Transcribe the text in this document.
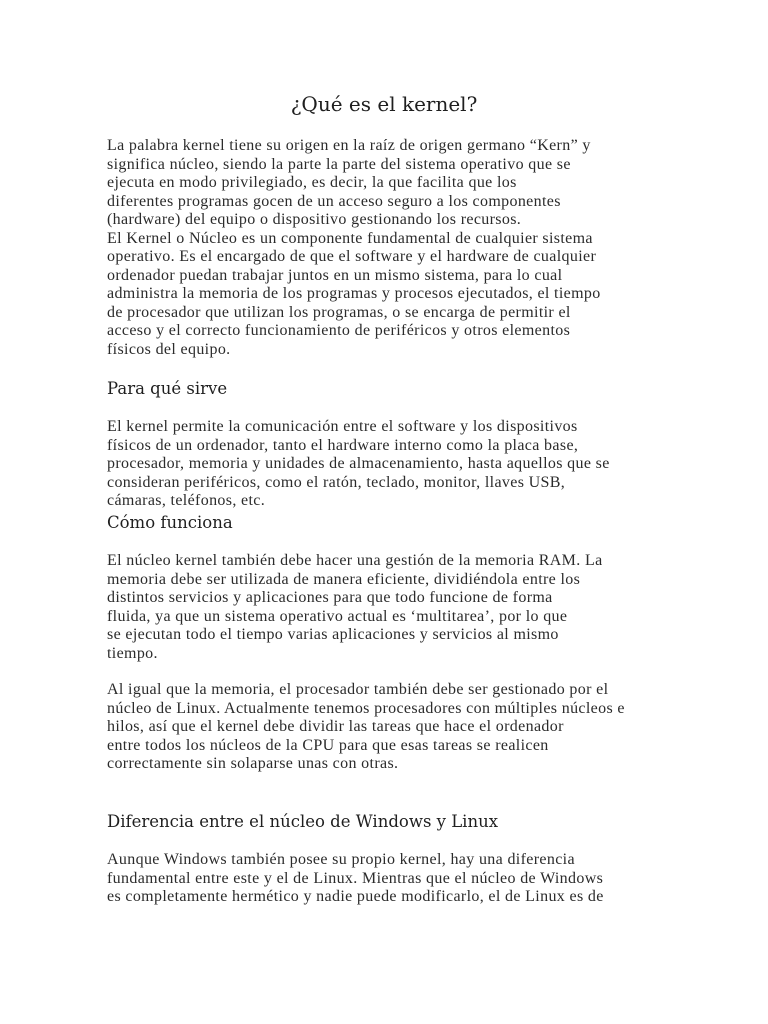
¿Qué es el kernel?
La palabra kernel tiene su origen en la raíz de origen germano “Kern” y
significa núcleo, siendo la parte la parte del sistema operativo que se
ejecuta en modo privilegiado, es decir, la que facilita que los
diferentes programas gocen de un acceso seguro a los componentes
(hardware) del equipo o dispositivo gestionando los recursos.
El Kernel o Núcleo es un componente fundamental de cualquier sistema
operativo. Es el encargado de que el software y el hardware de cualquier
ordenador puedan trabajar juntos en un mismo sistema, para lo cual
administra la memoria de los programas y procesos ejecutados, el tiempo
de procesador que utilizan los programas, o se encarga de permitir el
acceso y el correcto funcionamiento de periféricos y otros elementos
físicos del equipo.
Para qué sirve
El kernel permite la comunicación entre el software y los dispositivos
físicos de un ordenador, tanto el hardware interno como la placa base,
procesador, memoria y unidades de almacenamiento, hasta aquellos que se
consideran periféricos, como el ratón, teclado, monitor, llaves USB,
cámaras, teléfonos, etc.
Cómo funciona
El núcleo kernel también debe hacer una gestión de la memoria RAM. La
memoria debe ser utilizada de manera eficiente, dividiéndola entre los
distintos servicios y aplicaciones para que todo funcione de forma
fluida, ya que un sistema operativo actual es ‘multitarea’, por lo que
se ejecutan todo el tiempo varias aplicaciones y servicios al mismo
tiempo.
Al igual que la memoria, el procesador también debe ser gestionado por el
núcleo de Linux. Actualmente tenemos procesadores con múltiples núcleos e
hilos, así que el kernel debe dividir las tareas que hace el ordenador
entre todos los núcleos de la CPU para que esas tareas se realicen
correctamente sin solaparse unas con otras.
Diferencia entre el núcleo de Windows y Linux
Aunque Windows también posee su propio kernel, hay una diferencia
fundamental entre este y el de Linux. Mientras que el núcleo de Windows
es completamente hermético y nadie puede modificarlo, el de Linux es de
